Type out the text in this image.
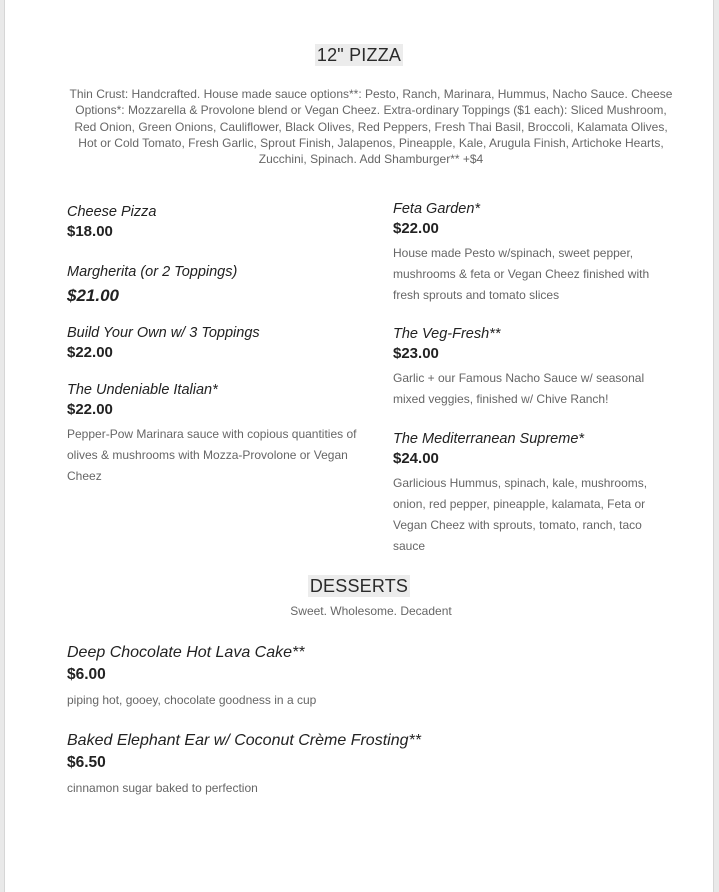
12" PIZZA
Thin Crust: Handcrafted. House made sauce options**: Pesto, Ranch, Marinara, Hummus, Nacho Sauce. Cheese Options*: Mozzarella & Provolone blend or Vegan Cheez. Extra-ordinary Toppings ($1 each): Sliced Mushroom, Red Onion, Green Onions, Cauliflower, Black Olives, Red Peppers, Fresh Thai Basil, Broccoli, Kalamata Olives, Hot or Cold Tomato, Fresh Garlic, Sprout Finish, Jalapenos, Pineapple, Kale, Arugula Finish, Artichoke Hearts, Zucchini, Spinach. Add Shamburger** +$4
Cheese Pizza
$18.00
Margherita (or 2 Toppings)
$21.00
Build Your Own w/ 3 Toppings
$22.00
The Undeniable Italian*
$22.00
Pepper-Pow Marinara sauce with copious quantities of olives & mushrooms with Mozza-Provolone or Vegan Cheez
Feta Garden*
$22.00
House made Pesto w/spinach, sweet pepper, mushrooms & feta or Vegan Cheez finished with fresh sprouts and tomato slices
The Veg-Fresh**
$23.00
Garlic + our Famous Nacho Sauce w/ seasonal mixed veggies, finished w/ Chive Ranch!
The Mediterranean Supreme*
$24.00
Garlicious Hummus, spinach, kale, mushrooms, onion, red pepper, pineapple, kalamata, Feta or Vegan Cheez with sprouts, tomato, ranch, taco sauce
DESSERTS
Sweet. Wholesome. Decadent
Deep Chocolate Hot Lava Cake**
$6.00
piping hot, gooey, chocolate goodness in a cup
Baked Elephant Ear w/ Coconut Crème Frosting**
$6.50
cinnamon sugar baked to perfection
